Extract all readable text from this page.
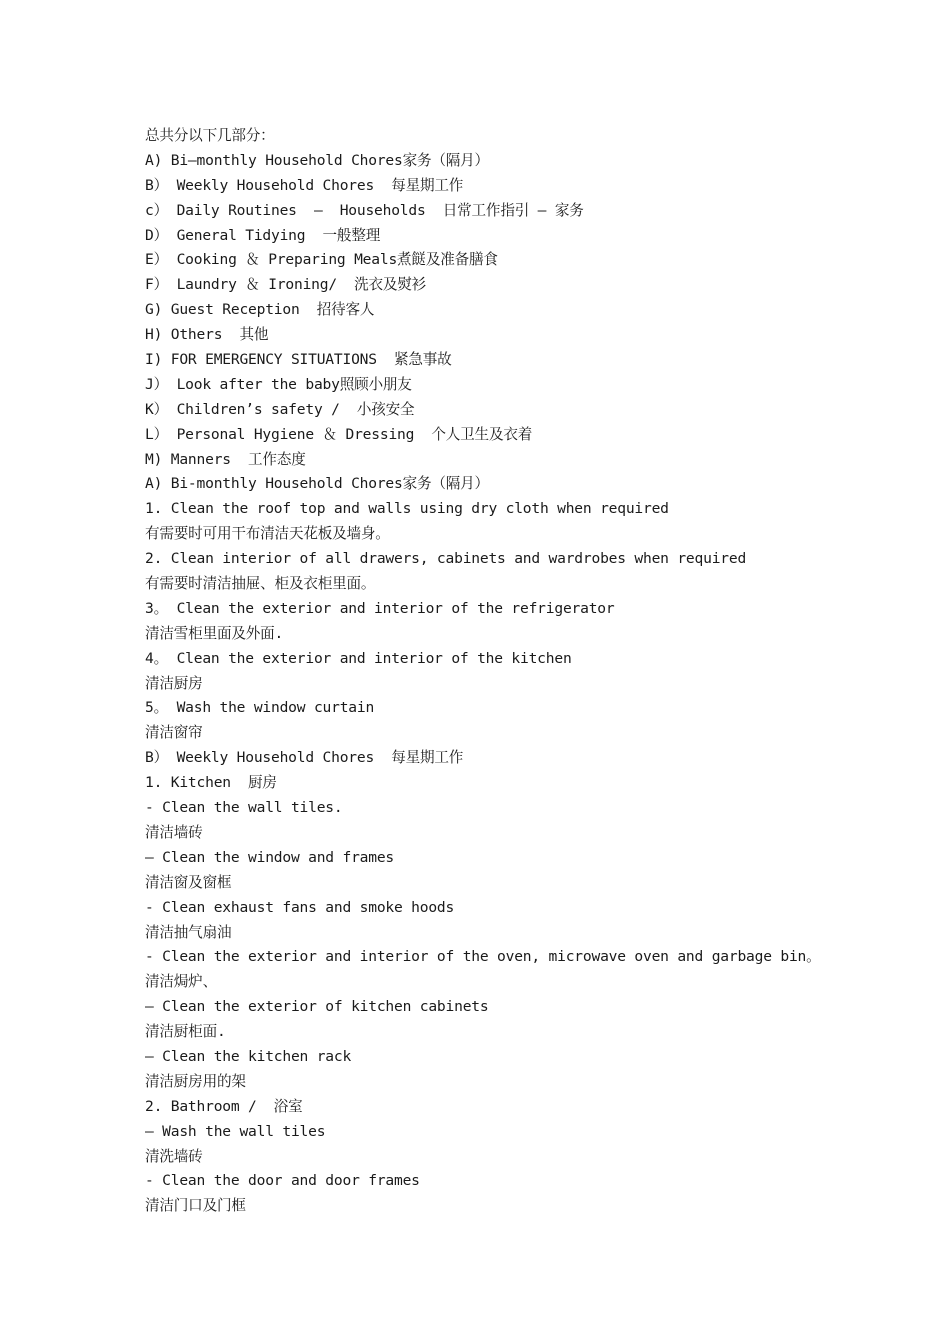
总共分以下几部分：
A) Bi—monthly Household Chores家务（隔月）
B） Weekly Household Chores  每星期工作
c） Daily Routines  –  Households  日常工作指引 – 家务
D） General Tidying  一般整理
E） Cooking ＆ Preparing Meals煮餸及准备膳食
F） Laundry ＆ Ironing/  洗衣及熨衫
G) Guest Reception  招待客人
H) Others  其他
I) FOR EMERGENCY SITUATIONS  紧急事故
J） Look after the baby照顾小朋友
K） Children’s safety /  小孩安全
L） Personal Hygiene ＆ Dressing  个人卫生及衣着
M) Manners  工作态度
A) Bi-monthly Household Chores家务（隔月）
1. Clean the roof top and walls using dry cloth when required
有需要时可用干布清洁天花板及墙身。
2. Clean interior of all drawers, cabinets and wardrobes when required
有需要时清洁抽屉、柜及衣柜里面。
3。 Clean the exterior and interior of the refrigerator
清洁雪柜里面及外面.
4。 Clean the exterior and interior of the kitchen
清洁厨房
5。 Wash the window curtain
清洁窗帘
B） Weekly Household Chores  每星期工作
1. Kitchen  厨房
- Clean the wall tiles.
清洁墙砖
— Clean the window and frames
清洁窗及窗框
- Clean exhaust fans and smoke hoods
清洁抽气扇油
- Clean the exterior and interior of the oven, microwave oven and garbage bin。
清洁焗炉、
— Clean the exterior of kitchen cabinets
清洁厨柜面.
— Clean the kitchen rack
清洁厨房用的架
2. Bathroom /  浴室
— Wash the wall tiles
清洗墙砖
- Clean the door and door frames
清洁门口及门框
